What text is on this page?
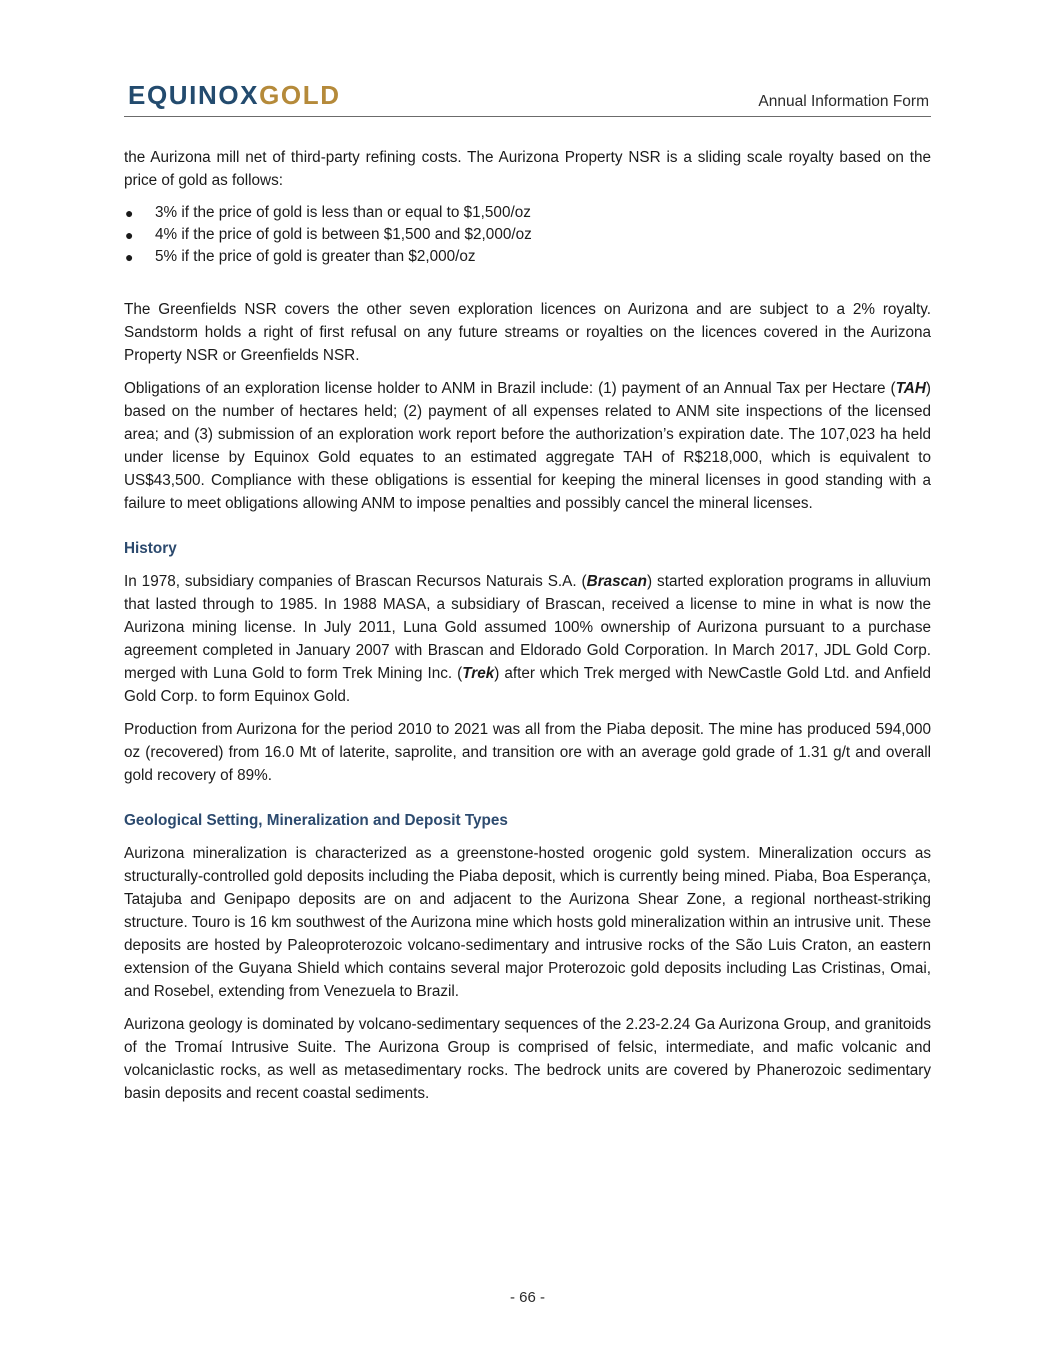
EQUINOXGOLD	Annual Information Form

the Aurizona mill net of third-party refining costs. The Aurizona Property NSR is a sliding scale royalty based on the price of gold as follows:

● 3% if the price of gold is less than or equal to $1,500/oz
● 4% if the price of gold is between $1,500 and $2,000/oz
● 5% if the price of gold is greater than $2,000/oz

The Greenfields NSR covers the other seven exploration licences on Aurizona and are subject to a 2% royalty. Sandstorm holds a right of first refusal on any future streams or royalties on the licences covered in the Aurizona Property NSR or Greenfields NSR.

Obligations of an exploration license holder to ANM in Brazil include: (1) payment of an Annual Tax per Hectare (TAH) based on the number of hectares held; (2) payment of all expenses related to ANM site inspections of the licensed area; and (3) submission of an exploration work report before the authorization’s expiration date. The 107,023 ha held under license by Equinox Gold equates to an estimated aggregate TAH of R$218,000, which is equivalent to US$43,500. Compliance with these obligations is essential for keeping the mineral licenses in good standing with a failure to meet obligations allowing ANM to impose penalties and possibly cancel the mineral licenses.

History

In 1978, subsidiary companies of Brascan Recursos Naturais S.A. (Brascan) started exploration programs in alluvium that lasted through to 1985. In 1988 MASA, a subsidiary of Brascan, received a license to mine in what is now the Aurizona mining license. In July 2011, Luna Gold assumed 100% ownership of Aurizona pursuant to a purchase agreement completed in January 2007 with Brascan and Eldorado Gold Corporation. In March 2017, JDL Gold Corp. merged with Luna Gold to form Trek Mining Inc. (Trek) after which Trek merged with NewCastle Gold Ltd. and Anfield Gold Corp. to form Equinox Gold.

Production from Aurizona for the period 2010 to 2021 was all from the Piaba deposit. The mine has produced 594,000 oz (recovered) from 16.0 Mt of laterite, saprolite, and transition ore with an average gold grade of 1.31 g/t and overall gold recovery of 89%.

Geological Setting, Mineralization and Deposit Types

Aurizona mineralization is characterized as a greenstone-hosted orogenic gold system. Mineralization occurs as structurally-controlled gold deposits including the Piaba deposit, which is currently being mined. Piaba, Boa Esperança, Tatajuba and Genipapo deposits are on and adjacent to the Aurizona Shear Zone, a regional northeast-striking structure. Touro is 16 km southwest of the Aurizona mine which hosts gold mineralization within an intrusive unit. These deposits are hosted by Paleoproterozoic volcano-sedimentary and intrusive rocks of the São Luis Craton, an eastern extension of the Guyana Shield which contains several major Proterozoic gold deposits including Las Cristinas, Omai, and Rosebel, extending from Venezuela to Brazil.

Aurizona geology is dominated by volcano-sedimentary sequences of the 2.23-2.24 Ga Aurizona Group, and granitoids of the Tromaí Intrusive Suite. The Aurizona Group is comprised of felsic, intermediate, and mafic volcanic and volcaniclastic rocks, as well as metasedimentary rocks. The bedrock units are covered by Phanerozoic sedimentary basin deposits and recent coastal sediments.

- 66 -
